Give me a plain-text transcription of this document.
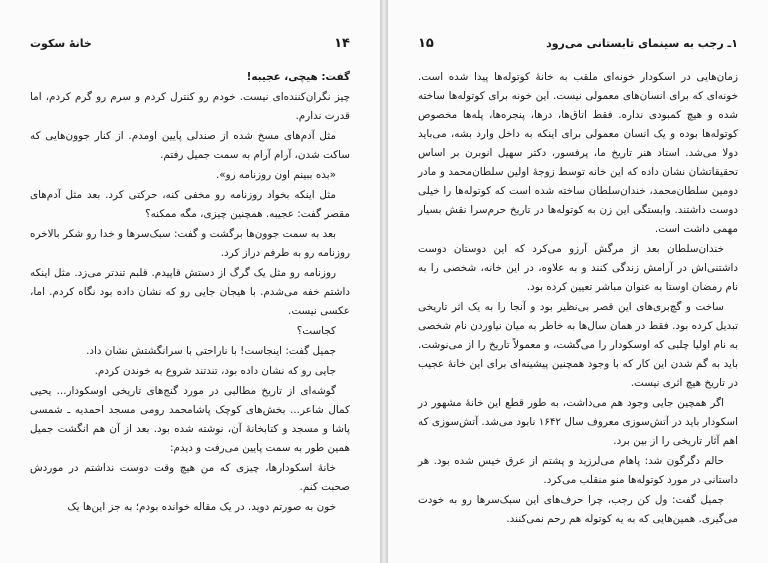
۱۴
خانهٔ سکوت

گفت: هیچی، عجیبه!

چیز نگران‌کننده‌ای نیست. خودم رو کنترل کردم و سرم رو گرم کردم، اما قدرت ندارم.

مثل آدم‌های مسخ شده از صندلی پایین اومدم. از کنار جوون‌هایی که ساکت شدن، آرام آرام به سمت جمیل رفتم.

«بده ببینم اون روزنامه رو».

مثل اینکه بخواد روزنامه رو مخفی کنه، حرکتی کرد. بعد مثل آدم‌های مقصر گفت: عجیبه. همچنین چیزی، مگه ممکنه؟

بعد به سمت جوون‌ها برگشت و گفت: سبک‌سرها و خدا رو شکر بالاخره روزنامه رو به طرفم دراز کرد.

روزنامه رو مثل یک گرگ از دستش قاپیدم. قلبم تندتر می‌زد. مثل اینکه داشتم خفه می‌شدم. با هیجان جایی رو که نشان داده بود نگاه کردم. اما، عکسی نیست.

کجاست؟

جمیل گفت: اینجاست! با ناراحتی با سرانگشتش نشان داد.

جایی رو که نشان داده بود، تندتند شروع به خوندن کردم.

گوشه‌ای از تاریخ مطالبی در مورد گنج‌های تاریخی اوسکودار... یحیی کمال شاعر... بخش‌های کوچک پاشامحمد رومی مسجد احمدیه ـ شمسی پاشا و مسجد و کتابخانهٔ آن، نوشته شده بود. بعد از آن هم انگشت جمیل همین طور به سمت پایین می‌رفت و دیدم:

خانهٔ اسکودارها، چیزی که من هیچ وقت دوست نداشتم در موردش صحبت کنم.

خون به صورتم دوید. در یک مقاله خوانده بودم؛ به جز این‌ها یک

۱ـ رجب به سینمای تابستانی می‌رود
۱۵

زمان‌هایی در اسکودار خونه‌ای ملقب به خانهٔ کوتوله‌ها پیدا شده است. خونه‌ای که برای انسان‌های معمولی نیست. این خونه برای کوتوله‌ها ساخته شده و هیچ کمبودی نداره. فقط اتاق‌ها، درها، پنجره‌ها، پله‌ها مخصوص کوتوله‌ها بوده و یک انسان معمولی برای اینکه به داخل وارد بشه، می‌باید دولا می‌شد. استاد هنر تاریخ ما، پرفسور، دکتر سهیل انوبرن بر اساس تحقیقاتشان نشان داده که این خانه توسط زوجهٔ اولین سلطان‌محمد و مادر دومین سلطان‌محمد، خندان‌سلطان ساخته شده است که کوتوله‌ها را خیلی دوست داشتند. وابستگی این زن به کوتوله‌ها در تاریخ حرم‌سرا نقش بسیار مهمی داشت است.

خندان‌سلطان بعد از مرگش آرزو می‌کرد که این دوستان دوست داشتنی‌اش در آرامش زندگی کنند و به علاوه، در این خانه، شخصی را به نام رمضان اوستا به عنوان مباشر تعیین کرده بود.

ساخت و گچ‌بری‌های این قصر بی‌نظیر بود و آنجا را به یک اثر تاریخی تبدیل کرده بود. فقط در همان سال‌ها به خاطر به میان نیاوردن نام شخصی به نام اولیا چلبی که اوسکودار را می‌گشت، و معمولاً تاریخ را از می‌نوشت. باید به گم شدن این کار که با وجود همچنین پیشینه‌ای برای این خانهٔ عجیب در تاریخ هیچ اثری نیست.

اگر همچین جایی وجود هم می‌داشت، به طور قطع این خانهٔ مشهور در اسکودار باید در آتش‌سوزی معروف سال ۱۶۴۲ نابود می‌شد. آتش‌سوزی که اهم آثار تاریخی را از بین برد.

حالم دگرگون شد: پاهام می‌لرزید و پشتم از عرق خیس شده بود. هر داستانی در مورد کوتوله‌ها منو منقلب می‌کرد.

جمیل گفت: ول کن رجب، چرا حرف‌های این سبک‌سرها رو به خودت می‌گیری. همین‌هایی که به یه کوتوله هم رحم نمی‌کنند.
